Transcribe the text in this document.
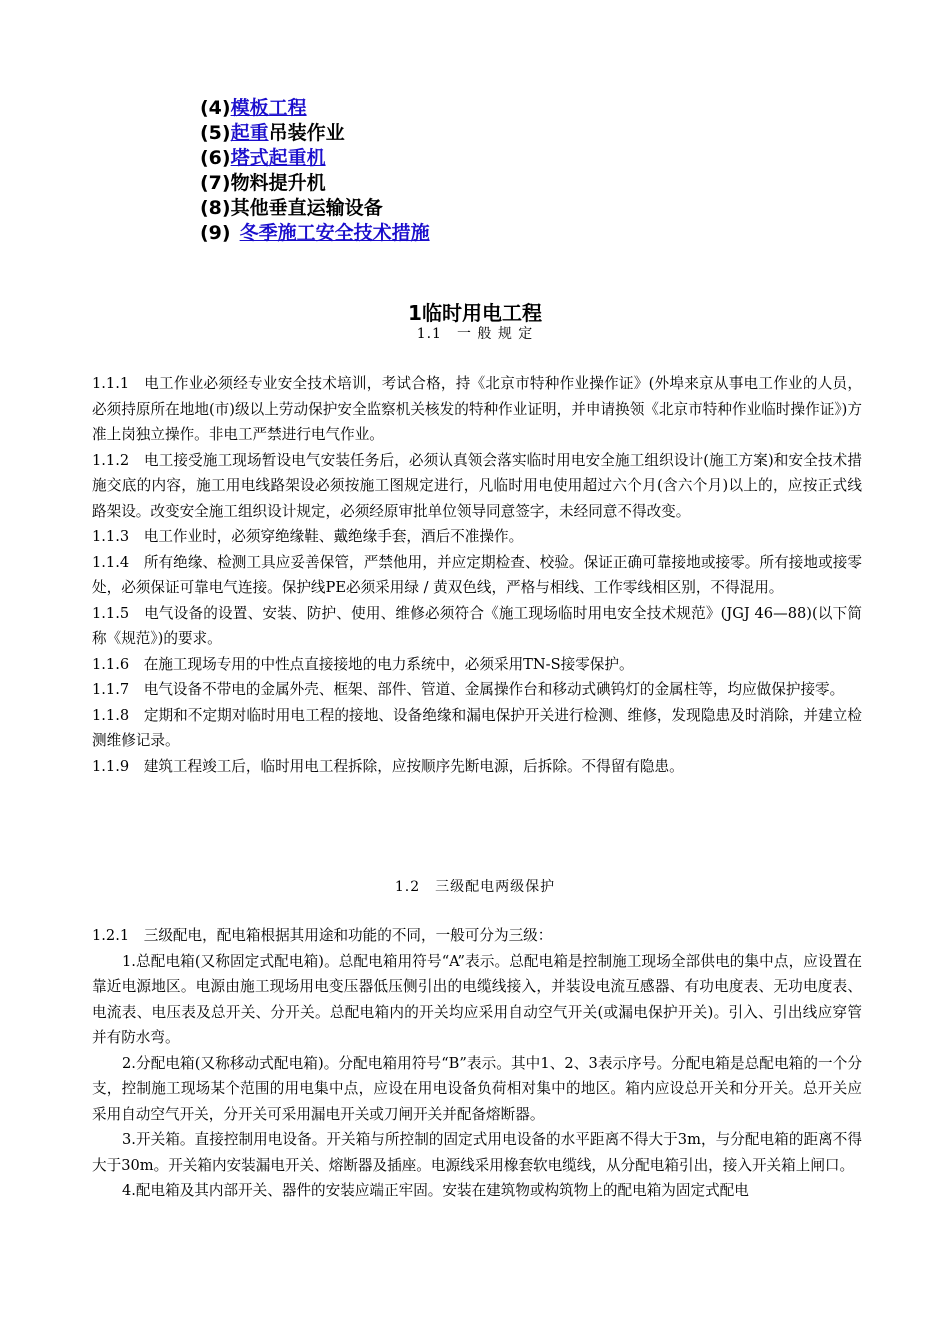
(4)模板工程
(5)起重吊装作业
(6)塔式起重机
(7)物料提升机
(8)其他垂直运输设备
(9) 冬季施工安全技术措施
1临时用电工程
1.1　一 般 规 定

1.1.1　电工作业必须经专业安全技术培训，考试合格，持《北京市特种作业操作证》(外埠来京从事电工作业的人员，必须持原所在地地(市)级以上劳动保护安全监察机关核发的特种作业证明，并申请换领《北京市特种作业临时操作证》)方准上岗独立操作。非电工严禁进行电气作业。

1.1.2　电工接受施工现场暂设电气安装任务后，必须认真领会落实临时用电安全施工组织设计(施工方案)和安全技术措施交底的内容，施工用电线路架设必须按施工图规定进行，凡临时用电使用超过六个月(含六个月)以上的，应按正式线路架设。改变安全施工组织设计规定，必须经原审批单位领导同意签字，未经同意不得改变。

1.1.3　电工作业时，必须穿绝缘鞋、戴绝缘手套，酒后不准操作。

1.1.4　所有绝缘、检测工具应妥善保管，严禁他用，并应定期检查、校验。保证正确可靠接地或接零。所有接地或接零处，必须保证可靠电气连接。保护线PE必须采用绿 / 黄双色线，严格与相线、工作零线相区别，不得混用。

1.1.5　电气设备的设置、安装、防护、使用、维修必须符合《施工现场临时用电安全技术规范》(JGJ 46—88)(以下简称《规范》)的要求。

1.1.6　在施工现场专用的中性点直接接地的电力系统中，必须采用TN-S接零保护。

1.1.7　电气设备不带电的金属外壳、框架、部件、管道、金属操作台和移动式碘钨灯的金属柱等，均应做保护接零。

1.1.8　定期和不定期对临时用电工程的接地、设备绝缘和漏电保护开关进行检测、维修，发现隐患及时消除，并建立检测维修记录。

1.1.9　建筑工程竣工后，临时用电工程拆除，应按顺序先断电源，后拆除。不得留有隐患。

1.2　三级配电两级保护

1.2.1　三级配电，配电箱根据其用途和功能的不同，一般可分为三级：

1.总配电箱(又称固定式配电箱)。总配电箱用符号“A”表示。总配电箱是控制施工现场全部供电的集中点，应设置在靠近电源地区。电源由施工现场用电变压器低压侧引出的电缆线接入，并装设电流互感器、有功电度表、无功电度表、电流表、电压表及总开关、分开关。总配电箱内的开关均应采用自动空气开关(或漏电保护开关)。引入、引出线应穿管并有防水弯。

2.分配电箱(又称移动式配电箱)。分配电箱用符号“B”表示。其中1、2、3表示序号。分配电箱是总配电箱的一个分支，控制施工现场某个范围的用电集中点，应设在用电设备负荷相对集中的地区。箱内应设总开关和分开关。总开关应采用自动空气开关，分开关可采用漏电开关或刀闸开关并配备熔断器。

3.开关箱。直接控制用电设备。开关箱与所控制的固定式用电设备的水平距离不得大于3m，与分配电箱的距离不得大于30m。开关箱内安装漏电开关、熔断器及插座。电源线采用橡套软电缆线，从分配电箱引出，接入开关箱上闸口。

4.配电箱及其内部开关、器件的安装应端正牢固。安装在建筑物或构筑物上的配电箱为固定式配电
